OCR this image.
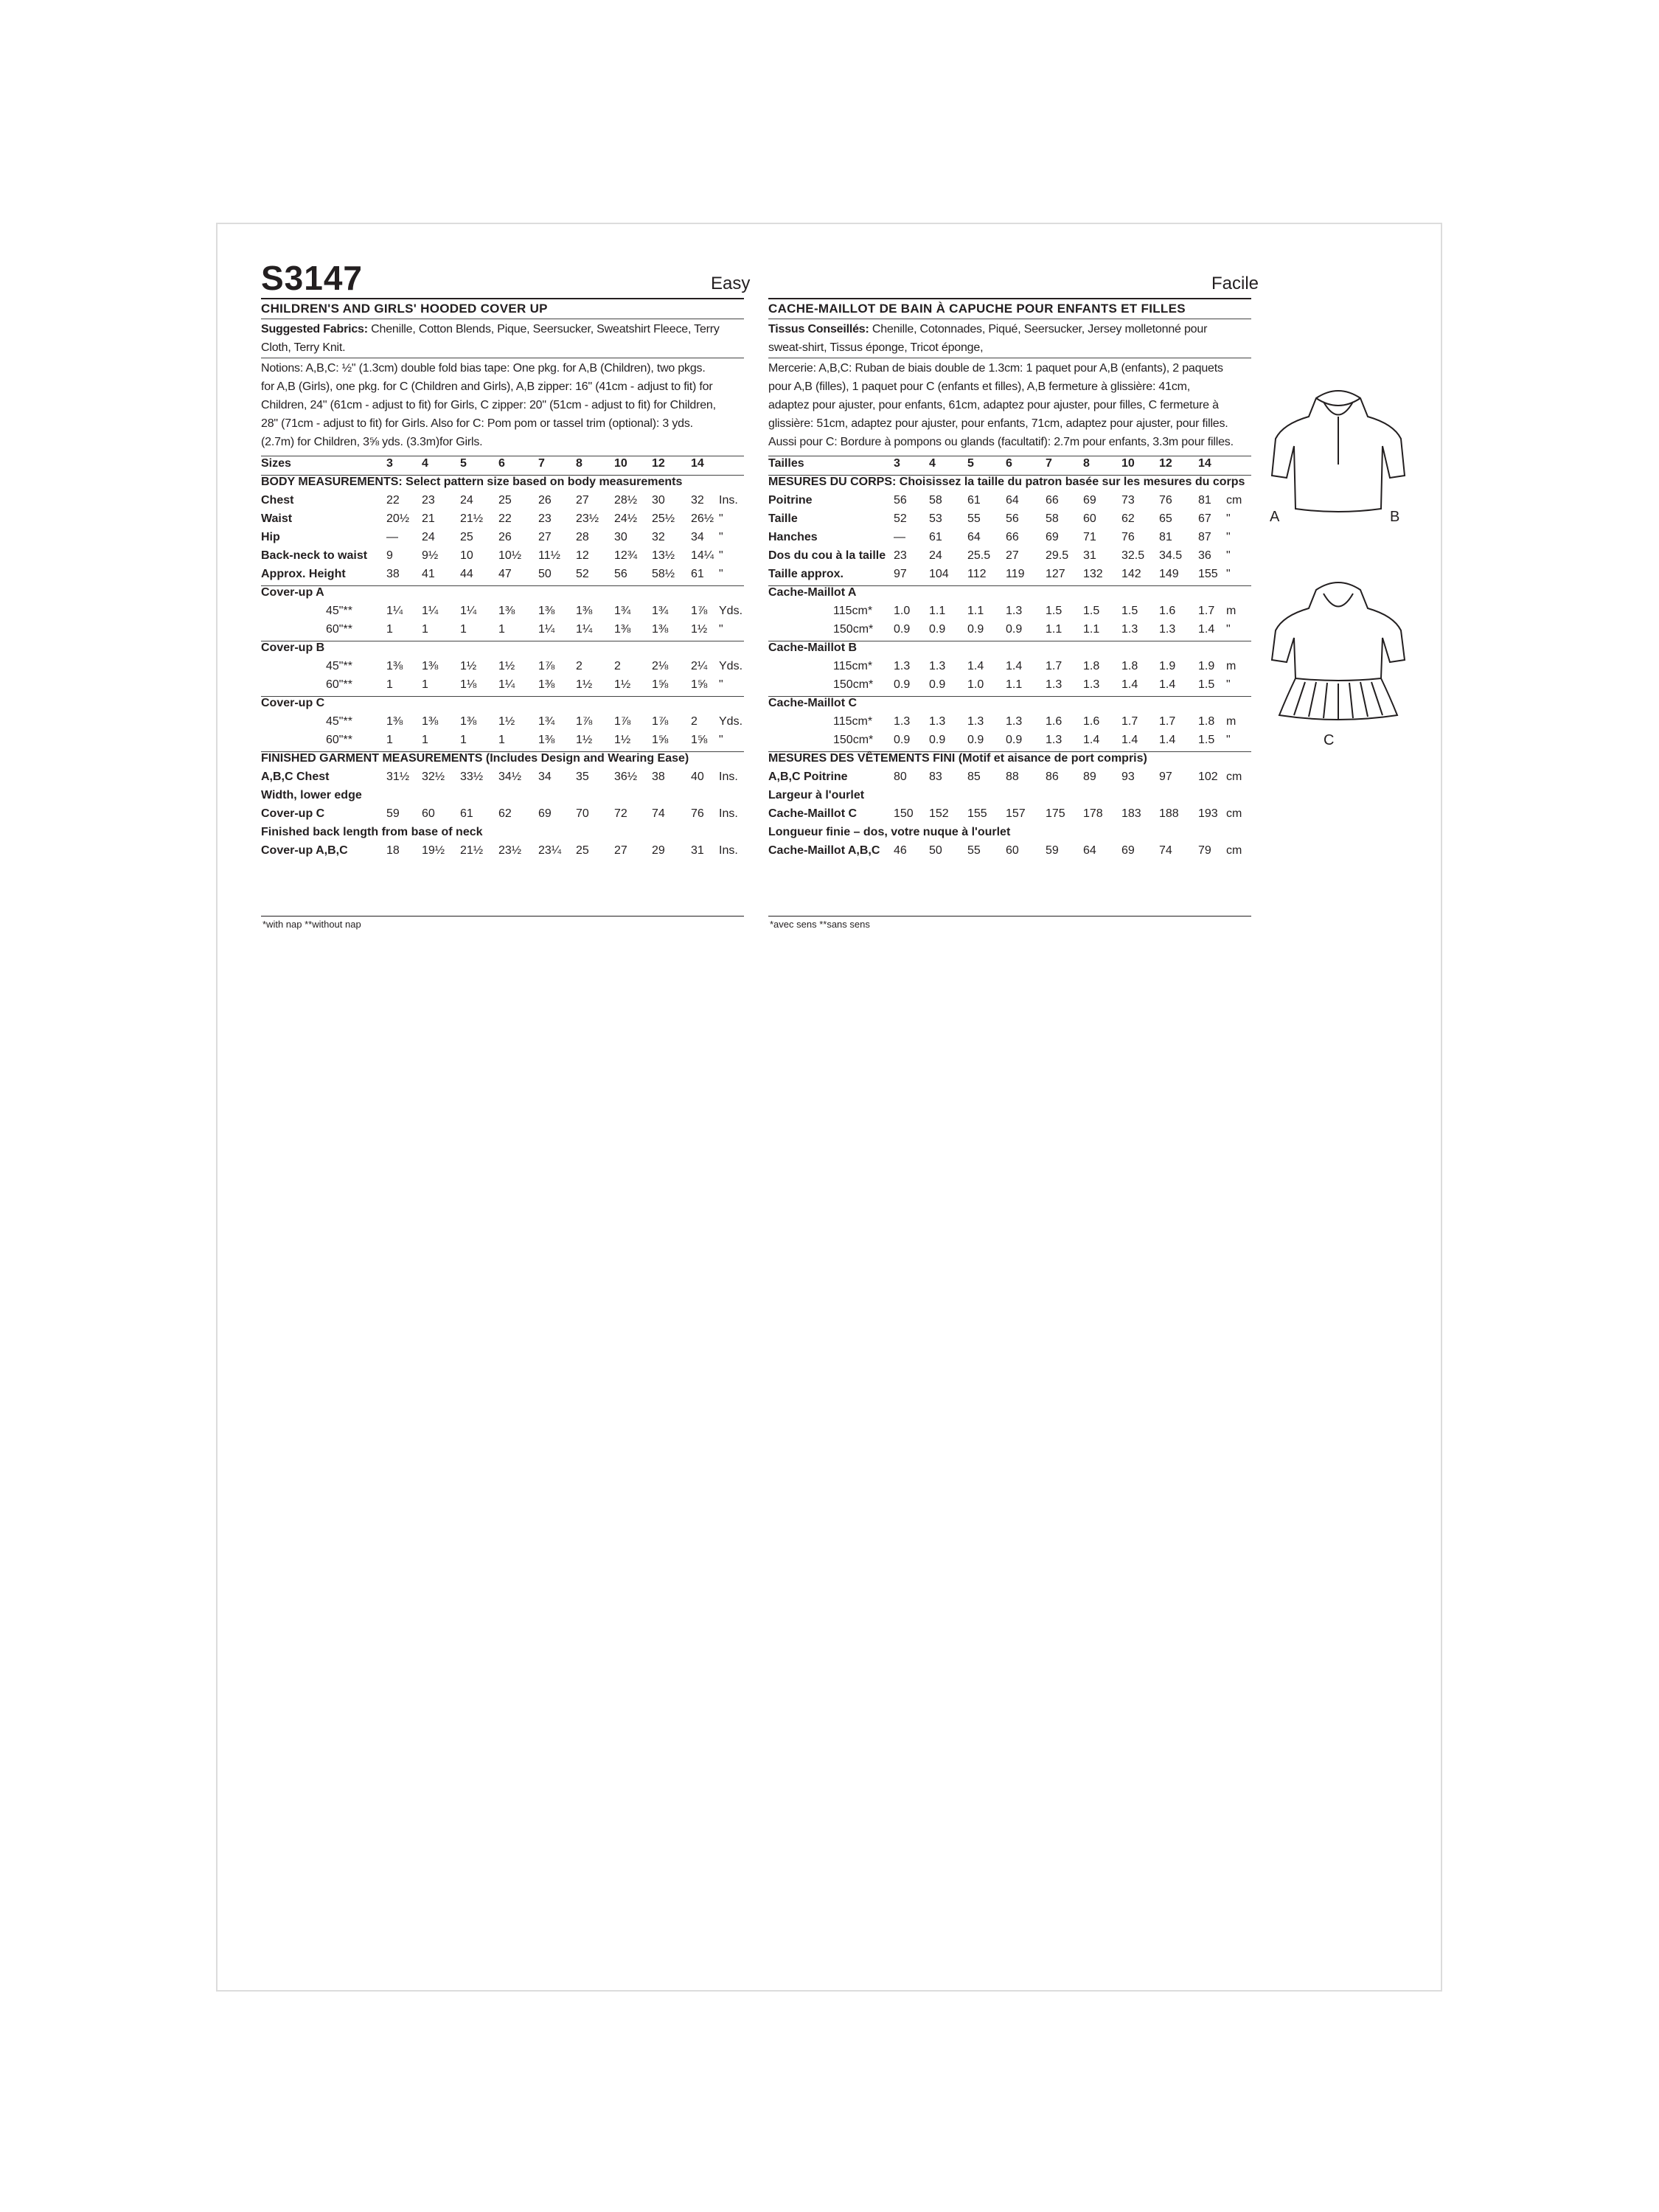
S3147	Easy	Facile
CHILDREN'S AND GIRLS' HOODED COVER UP	CACHE-MAILLOT DE BAIN À CAPUCHE POUR ENFANTS ET FILLES
Suggested Fabrics: Chenille, Cotton Blends, Pique, Seersucker, Sweatshirt Fleece, Terry
Cloth, Terry Knit.
Tissus Conseillés: Chenille, Cotonnades, Piqué, Seersucker, Jersey molletonné pour
sweat-shirt, Tissus éponge, Tricot éponge,
Notions: A,B,C: ½" (1.3cm) double fold bias tape: One pkg. for A,B (Children), two pkgs.
for A,B (Girls), one pkg. for C (Children and Girls), A,B zipper: 16" (41cm - adjust to fit) for
Children, 24" (61cm - adjust to fit) for Girls, C zipper: 20" (51cm - adjust to fit) for Children,
28" (71cm - adjust to fit) for Girls. Also for C: Pom pom or tassel trim (optional): 3 yds.
(2.7m) for Children, 3⅝ yds. (3.3m)for Girls.
Mercerie: A,B,C: Ruban de biais double de 1.3cm: 1 paquet pour A,B (enfants), 2 paquets
pour A,B (filles), 1 paquet pour C (enfants et filles), A,B fermeture à glissière: 41cm,
adaptez pour ajuster, pour enfants, 61cm, adaptez pour ajuster, pour filles, C fermeture à
glissière: 51cm, adaptez pour ajuster, pour enfants, 71cm, adaptez pour ajuster, pour filles.
Aussi pour C: Bordure à pompons ou glands (facultatif): 2.7m pour enfants, 3.3m pour filles.
Sizes	3 4	5	6	7	8	10 12 14
BODY MEASUREMENTS: Select pattern size based on body measurements
Chest	22 23 24 25 26 27 28½ 30 32 Ins.
Waist	20½ 21 21½ 22 23 23½ 24½ 25½ 26½ "
Hip	— 24 25 26 27 28 30 32 34 "
Back-neck to waist 9 9½ 10 10½ 11½ 12 12¾ 13½ 14¼ "
Approx. Height	38 41 44 47 50 52 56 58½ 61 "
Cover-up A
45"**	1¼ 1¼ 1¼ 1⅜ 1⅜ 1⅜ 1¾ 1¾ 1⅞ Yds.
60"**	1 1	1	1	1¼ 1¼ 1⅜ 1⅜ 1½ "
Cover-up B
45"**	1⅜ 1⅜ 1½ 1½ 1⅞ 2	2	2⅛ 2¼ Yds.
60"**	1 1	1⅛ 1¼ 1⅜ 1½ 1½ 1⅝ 1⅝ "
Cover-up C
45"**	1⅜ 1⅜ 1⅜ 1½ 1¾ 1⅞ 1⅞ 1⅞ 2 Yds.
60"**	1 1	1	1	1⅜ 1½ 1½ 1⅝ 1⅝ "
FINISHED GARMENT MEASUREMENTS (Includes Design and Wearing Ease)
A,B,C Chest	31½ 32½ 33½ 34½ 34 35 36½ 38 40 Ins.
Width, lower edge
Cover-up C	59 60 61 62 69 70 72 74 76 Ins.
Finished back length from base of neck
Cover-up A,B,C	18 19½ 21½ 23½ 23¼ 25 27 29 31 Ins.
Tailles	3 4	5	6	7	8	10 12 14
MESURES DU CORPS: Choisissez la taille du patron basée sur les mesures du corps
Poitrine	56 58 61 64 66 69 73 76 81 cm
Taille	52 53 55 56 58 60 62 65 67 "
Hanches	— 61 64 66 69 71 76 81 87 "
Dos du cou à la taille 23 24 25.5 27 29.5 31 32.5 34.5 36 "
Taille approx.	97 104 112 119 127 132 142 149 155 "
Cache-Maillot A
115cm* 1.0 1.1 1.1 1.3 1.5 1.5 1.5 1.6 1.7 m
150cm* 0.9 0.9 0.9 0.9 1.1 1.1 1.3 1.3 1.4 "
Cache-Maillot B
115cm* 1.3 1.3 1.4 1.4 1.7 1.8 1.8 1.9 1.9 m
150cm* 0.9 0.9 1.0 1.1 1.3 1.3 1.4 1.4 1.5 "
Cache-Maillot C
115cm* 1.3 1.3 1.3 1.3 1.6 1.6 1.7 1.7 1.8 m
150cm* 0.9 0.9 0.9 0.9 1.3 1.4 1.4 1.4 1.5 "
MESURES DES VÊTEMENTS FINI (Motif et aisance de port compris)
A,B,C Poitrine	80 83 85 88 86 89 93 97 102 cm
Largeur à l'ourlet
Cache-Maillot C	150 152 155 157 175 178 183 188 193 cm
Longueur finie – dos, votre nuque à l'ourlet
Cache-Maillot A,B,C 46 50 55 60 59 64 69 74 79 cm
A	B
C
*with nap **without nap	*avec sens **sans sens
